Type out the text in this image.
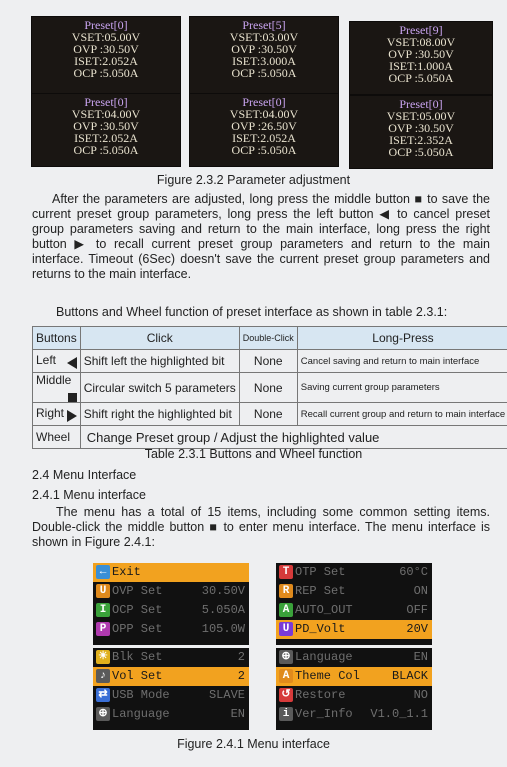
Preset[0]
VSET:05.00V
OVP :30.50V
ISET:2.052A
OCP :5.050A
Preset[5]
VSET:03.00V
OVP :30.50V
ISET:3.000A
OCP :5.050A
Preset[9]
VSET:08.00V
OVP :30.50V
ISET:1.000A
OCP :5.050A
Preset[0]
VSET:04.00V
OVP :30.50V
ISET:2.052A
OCP :5.050A
Preset[0]
VSET:04.00V
OVP :26.50V
ISET:2.052A
OCP :5.050A
Preset[0]
VSET:05.00V
OVP :30.50V
ISET:2.352A
OCP :5.050A
Figure 2.3.2 Parameter adjustment
After the parameters are adjusted, long press the middle button ■ to save the current preset group parameters, long press the left button ◀ to cancel preset group parameters saving and return to the main interface, long press the right button ▶ to recall current preset group parameters and return to the main interface. Timeout (6Sec) doesn't save the current preset group parameters and returns to the main interface.
Buttons and Wheel function of preset interface as shown in table 2.3.1:
Buttons	Click	Double-Click	Long-Press
Left	Shift left the highlighted bit	None	Cancel saving and return to main interface
Middle	Circular switch 5 parameters	None	Saving current group parameters
Right	Shift right the highlighted bit	None	Recall current group and return to main interface
Wheel	Change Preset group / Adjust the highlighted value		
Table 2.3.1 Buttons and Wheel function
2.4 Menu Interface
2.4.1 Menu interface
The menu has a total of 15 items, including some common setting items. Double-click the middle button ■ to enter menu interface. The menu interface is shown in Figure 2.4.1:
← Exit
U OVP Set	30.50V
I OCP Set	5.050A
P OPP Set	105.0W
☀ Blk Set	2
♪ Vol Set	2
⇄ USB Mode	SLAVE
⊕ Language	EN
T OTP Set	60°C
R REP Set	ON
A AUTO_OUT	OFF
U PD_Volt	20V
⊕ Language	EN
A Theme Col	BLACK
↺ Restore	NO
i Ver_Info V1.0_1.1
Figure 2.4.1 Menu interface
